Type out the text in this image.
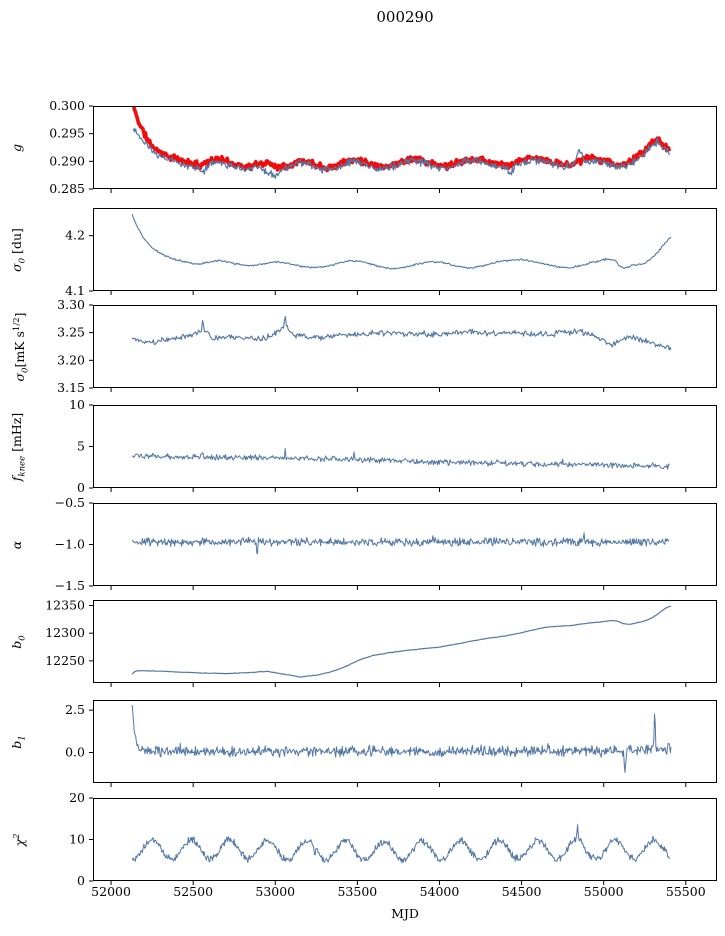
000290
0.285
0.290
0.295
0.300
g
4.1
4.2
$\sigma_0$ [du]
3.15
3.20
3.25
3.30
$\sigma_0[mK$ $s^{1/2}$]
0
5
10
$f_{knee}$ [mHz]
−1.5
−1.0
−0.5
α
12250
12300
12350
$b_0$
0.0
2.5
$b_1$
0
10
20
$\chi^2$
52000	52500	53000	53500	54000	54500	55000	55500
MJD
